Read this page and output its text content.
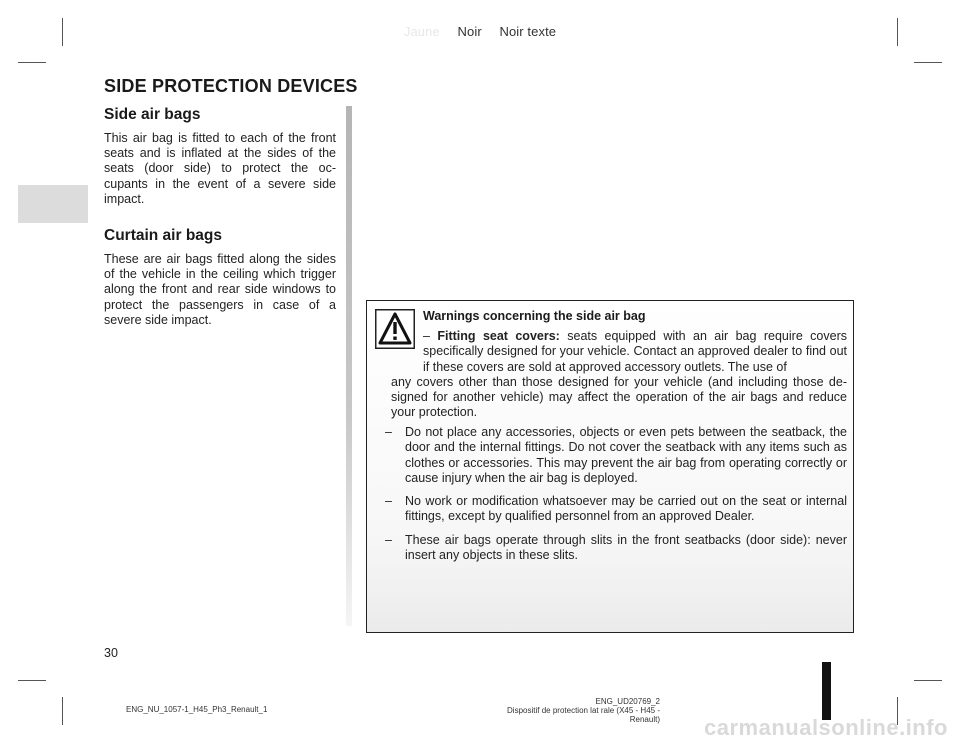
Jaune Noir Noir texte
SIDE PROTECTION DEVICES
Side air bags

This air bag is fitted to each of the front seats and is inflated at the sides of the seats (door side) to protect the oc-cupants in the event of a severe side impact.

Curtain air bags

These are air bags fitted along the sides of the vehicle in the ceiling which trigger along the front and rear side windows to protect the passengers in case of a severe side impact.	Warnings concerning the side air bag
– Fitting seat covers: seats equipped with an air bag require covers specifically designed for your vehicle. Contact an approved dealer to find out if these covers are sold at approved accessory outlets. The use of
any covers other than those designed for your vehicle (and including those de-signed for another vehicle) may affect the operation of the air bags and reduce your protection.
– Do not place any accessories, objects or even pets between the seatback, the door and the internal fittings. Do not cover the seatback with any items such as clothes or accessories. This may prevent the air bag from operating correctly or cause injury when the air bag is deployed.
– No work or modification whatsoever may be carried out on the seat or internal fittings, except by qualified personnel from an approved Dealer.
– These air bags operate through slits in the front seatbacks (door side): never insert any objects in these slits.
30
ENG_NU_1057-1_H45_Ph3_Renault_1
ENG_UD20769_2
Dispositif de protection lat rale (X45 - H45 - Renault) carmanualsonline.info
